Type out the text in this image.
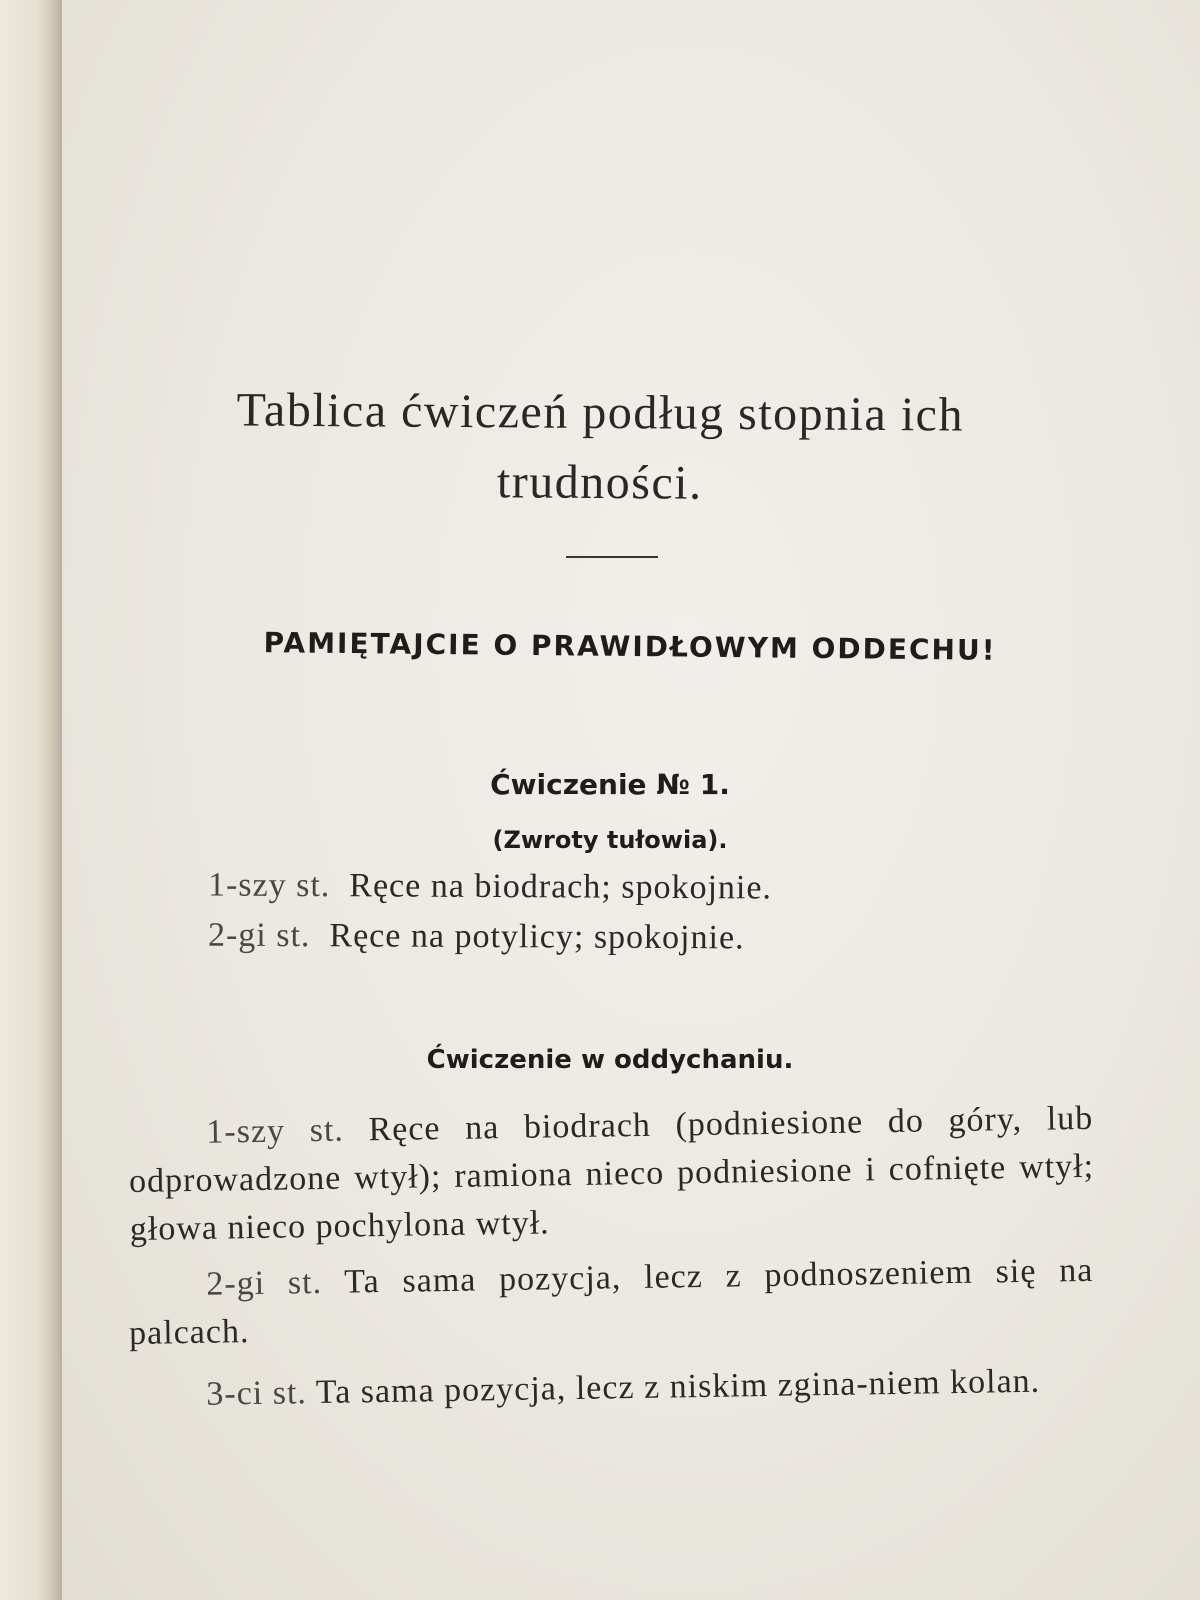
Tablica ćwiczeń podług stopnia ich
trudności.
PAMIĘTAJCIE O PRAWIDŁOWYM ODDECHU!
Ćwiczenie № 1.
(Zwroty tułowia).
1-szy st. Ręce na biodrach; spokojnie.
2-gi st. Ręce na potylicy; spokojnie.
Ćwiczenie w oddychaniu.
1-szy st. Ręce na biodrach (podniesione do góry, lub odprowadzone wtył); ramiona nieco podniesione i cofnięte wtył; głowa nieco pochylona wtył.
2-gi st. Ta sama pozycja, lecz z podnoszeniem się na palcach.
3-ci st. Ta sama pozycja, lecz z niskim zgina-niem kolan.
